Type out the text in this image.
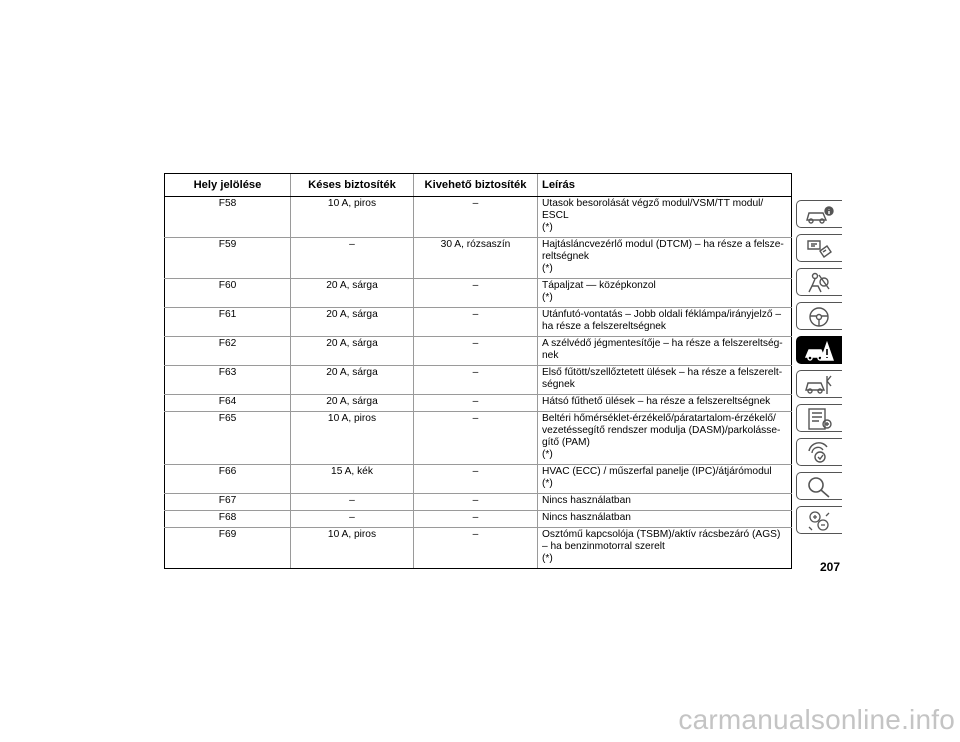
Hely jelölése	Késes biztosíték	Kivehető biztosíték	Leírás
F58	10 A, piros	–	Utasok besorolását végző modul/VSM/TT modul/
ESCL
(*)

F59	–	30 A, rózsaszín	Hajtásláncvezérlő modul (DTCM) – ha része a felsze-
reltségnek
(*)

F60	20 A, sárga	–	Tápaljzat — középkonzol
(*)

F61	20 A, sárga	–	Utánfutó-vontatás – Jobb oldali féklámpa/irányjelző –
ha része a felszereltségnek

F62	20 A, sárga	–	A szélvédő jégmentesítője – ha része a felszereltség-
nek

F63	20 A, sárga	–	Első fűtött/szellőztetett ülések – ha része a felszerelt-
ségnek

F64	20 A, sárga	–	Hátsó fűthető ülések – ha része a felszereltségnek

F65	10 A, piros	–	Beltéri hőmérséklet-érzékelő/páratartalom-érzékelő/
vezetéssegítő rendszer modulja (DASM)/parkolásse-
gítő (PAM)
(*)

F66	15 A, kék	–	HVAC (ECC) / műszerfal panelje (IPC)/átjárómodul
(*)

F67	–	–	Nincs használatban

F68	–	–	Nincs használatban

F69	10 A, piros	–	Osztómű kapcsolója (TSBM)/aktív rácsbezáró (AGS)
– ha benzinmotorral szerelt
(*)
207
carmanualsonline.info
